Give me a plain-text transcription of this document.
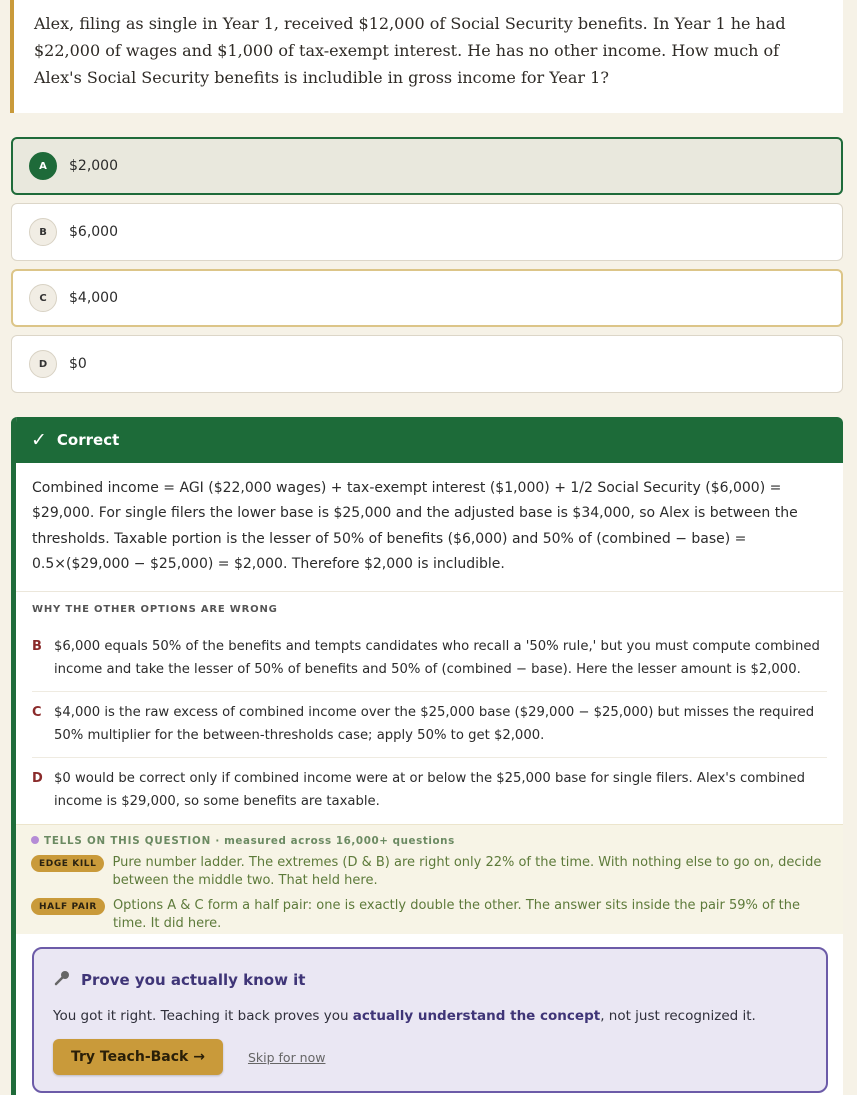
Alex, filing as single in Year 1, received $12,000 of Social Security benefits. In Year 1 he had $22,000 of wages and $1,000 of tax-exempt interest. He has no other income. How much of Alex's Social Security benefits is includible in gross income for Year 1?

A	$2,000
B	$6,000
C	$4,000
D	$0
✓ Correct
Combined income = AGI ($22,000 wages) + tax-exempt interest ($1,000) + 1/2 Social Security ($6,000) = $29,000. For single filers the lower base is $25,000 and the adjusted base is $34,000, so Alex is between the thresholds. Taxable portion is the lesser of 50% of benefits ($6,000) and 50% of (combined − base) = 0.5×($29,000 − $25,000) = $2,000. Therefore $2,000 is includible.
WHY THE OTHER OPTIONS ARE WRONG
B $6,000 equals 50% of the benefits and tempts candidates who recall a '50% rule,' but you must compute combined income and take the lesser of 50% of benefits and 50% of (combined − base). Here the lesser amount is $2,000.
C $4,000 is the raw excess of combined income over the $25,000 base ($29,000 − $25,000) but misses the required 50% multiplier for the between-thresholds case; apply 50% to get $2,000.
D $0 would be correct only if combined income were at or below the $25,000 base for single filers. Alex's combined income is $29,000, so some benefits are taxable.
TELLS ON THIS QUESTION · measured across 16,000+ questions
EDGE KILL	Pure number ladder. The extremes (D & B) are right only 22% of the time. With nothing else to go on, decide between the middle two. That held here.
HALF PAIR	Options A & C form a half pair: one is exactly double the other. The answer sits inside the pair 59% of the time. It did here.
Prove you actually know it
You got it right. Teaching it back proves you actually understand the concept, not just recognized it.
Try Teach-Back →	Skip for now
